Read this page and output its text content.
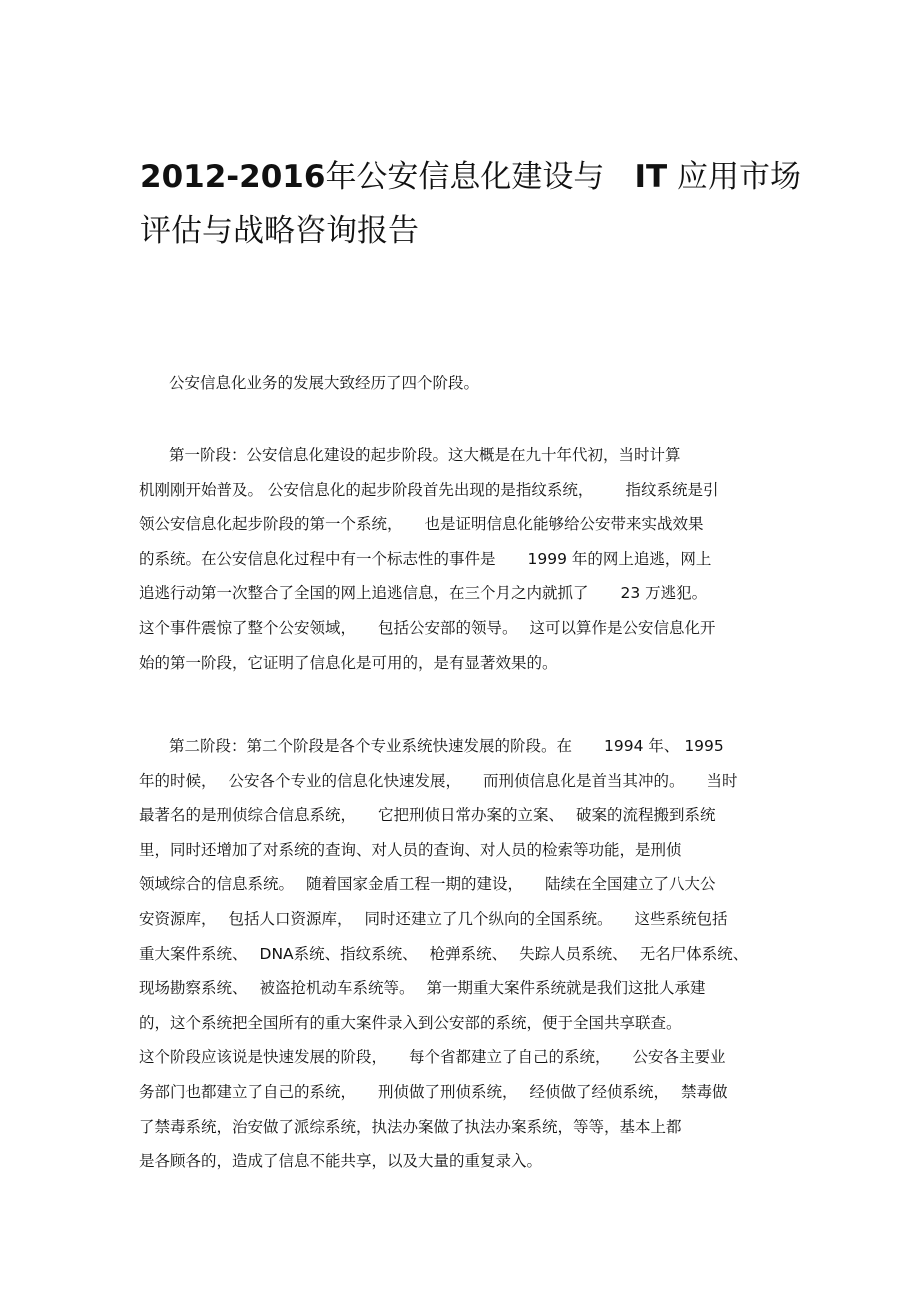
2012-2016年公安信息化建设与 IT 应用市场
评估与战略咨询报告

公安信息化业务的发展大致经历了四个阶段。

第一阶段：公安信息化建设的起步阶段。这大概是在九十年代初，当时计算
机刚刚开始普及。 公安信息化的起步阶段首先出现的是指纹系统， 指纹系统是引
领公安信息化起步阶段的第一个系统， 也是证明信息化能够给公安带来实战效果
的系统。在公安信息化过程中有一个标志性的事件是 1999 年的网上追逃，网上
追逃行动第一次整合了全国的网上追逃信息，在三个月之内就抓了 23 万逃犯。
这个事件震惊了整个公安领域， 包括公安部的领导。 这可以算作是公安信息化开
始的第一阶段，它证明了信息化是可用的，是有显著效果的。

第二阶段：第二个阶段是各个专业系统快速发展的阶段。在 1994 年、 1995
年的时候， 公安各个专业的信息化快速发展， 而刑侦信息化是首当其冲的。 当时
最著名的是刑侦综合信息系统， 它把刑侦日常办案的立案、 破案的流程搬到系统
里，同时还增加了对系统的查询、对人员的查询、对人员的检索等功能，是刑侦
领域综合的信息系统。 随着国家金盾工程一期的建设， 陆续在全国建立了八大公
安资源库， 包括人口资源库， 同时还建立了几个纵向的全国系统。 这些系统包括
重大案件系统、 DNA系统、指纹系统、 枪弹系统、 失踪人员系统、 无名尸体系统、
现场勘察系统、 被盗抢机动车系统等。 第一期重大案件系统就是我们这批人承建
的，这个系统把全国所有的重大案件录入到公安部的系统，便于全国共享联查。
这个阶段应该说是快速发展的阶段， 每个省都建立了自己的系统， 公安各主要业
务部门也都建立了自己的系统， 刑侦做了刑侦系统， 经侦做了经侦系统， 禁毒做
了禁毒系统，治安做了派综系统，执法办案做了执法办案系统，等等，基本上都
是各顾各的，造成了信息不能共享，以及大量的重复录入。
